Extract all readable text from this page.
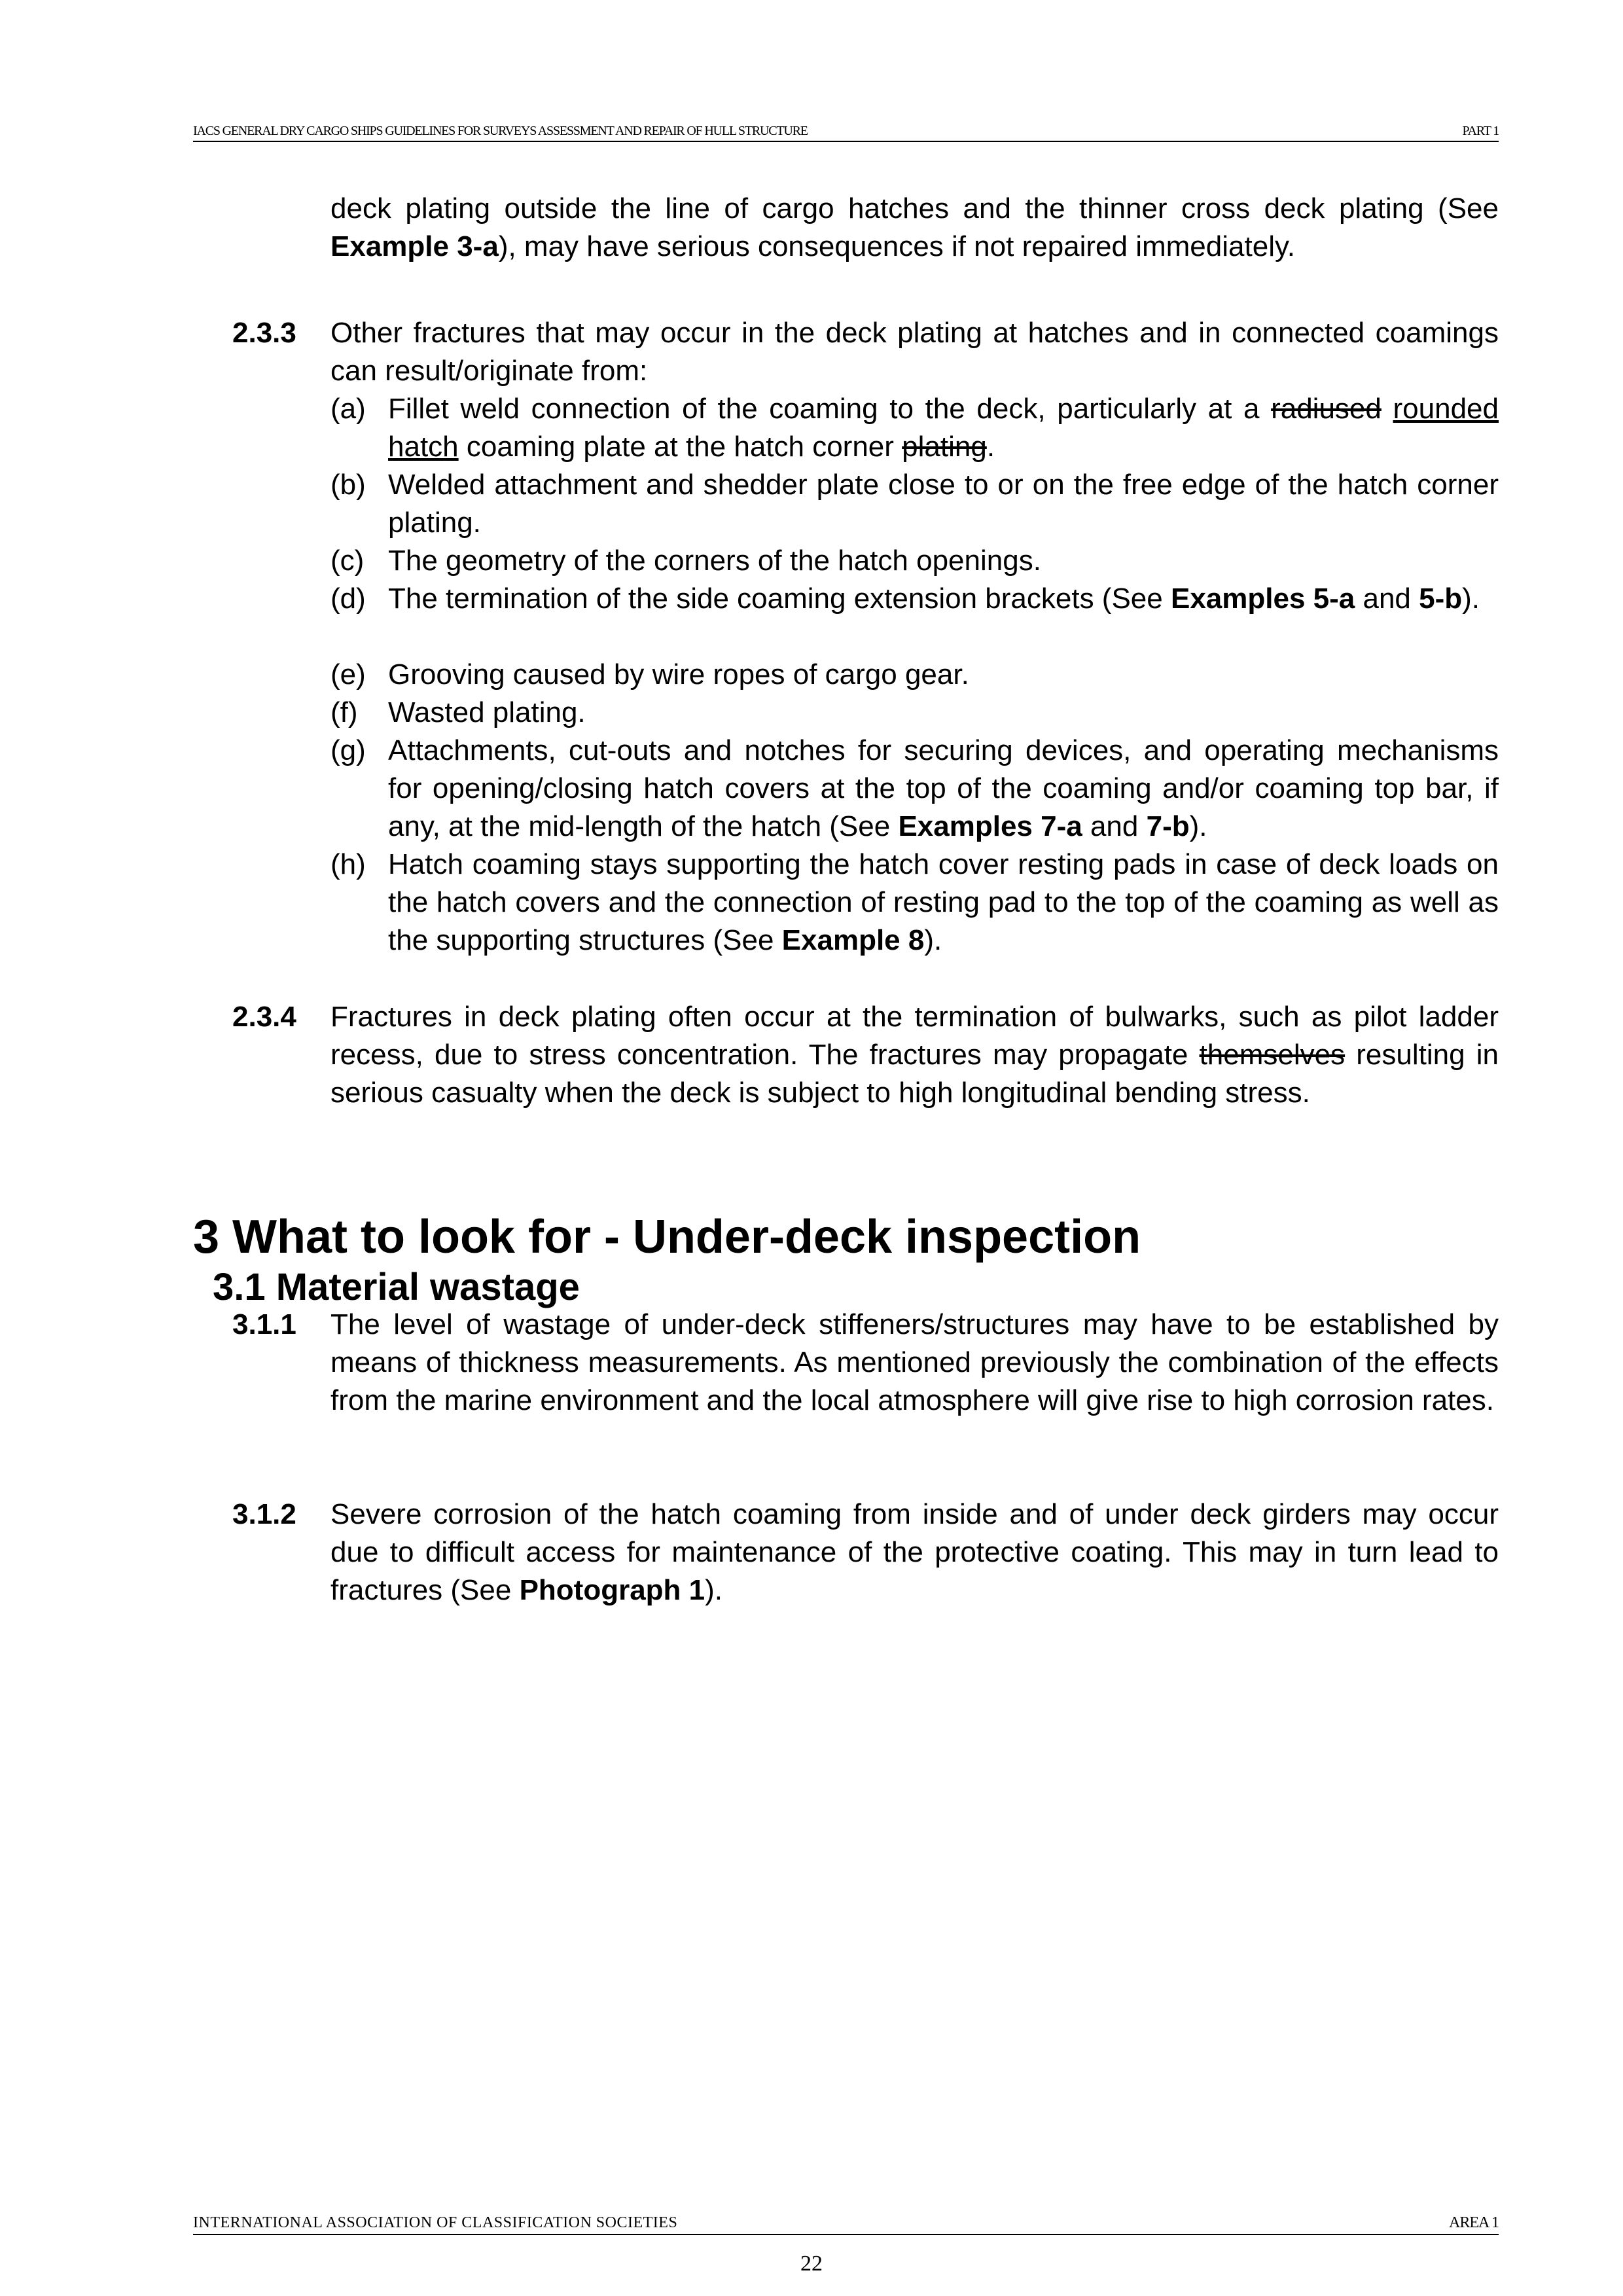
IACS GENERAL DRY CARGO SHIPS GUIDELINES FOR SURVEYS ASSESSMENT AND REPAIR OF HULL STRUCTURE	PART 1
deck plating outside the line of cargo hatches and the thinner cross deck plating (See Example 3-a), may have serious consequences if not repaired immediately.
2.3.3 Other fractures that may occur in the deck plating at hatches and in connected coamings can result/originate from:
(a) Fillet weld connection of the coaming to the deck, particularly at a radiused rounded hatch coaming plate at the hatch corner plating.
(b) Welded attachment and shedder plate close to or on the free edge of the hatch corner plating.
(c) The geometry of the corners of the hatch openings.
(d) The termination of the side coaming extension brackets (See Examples 5-a and 5-b).
(e) Grooving caused by wire ropes of cargo gear.
(f) Wasted plating.
(g) Attachments, cut-outs and notches for securing devices, and operating mechanisms for opening/closing hatch covers at the top of the coaming and/or coaming top bar, if any, at the mid-length of the hatch (See Examples 7-a and 7-b).
(h) Hatch coaming stays supporting the hatch cover resting pads in case of deck loads on the hatch covers and the connection of resting pad to the top of the coaming as well as the supporting structures (See Example 8).
2.3.4 Fractures in deck plating often occur at the termination of bulwarks, such as pilot ladder recess, due to stress concentration. The fractures may propagate themselves resulting in serious casualty when the deck is subject to high longitudinal bending stress.
3 What to look for - Under-deck inspection
3.1 Material wastage
3.1.1 The level of wastage of under-deck stiffeners/structures may have to be established by means of thickness measurements. As mentioned previously the combination of the effects from the marine environment and the local atmosphere will give rise to high corrosion rates.
3.1.2 Severe corrosion of the hatch coaming from inside and of under deck girders may occur due to difficult access for maintenance of the protective coating. This may in turn lead to fractures (See Photograph 1).
INTERNATIONAL ASSOCIATION OF CLASSIFICATION SOCIETIES	AREA 1
22
